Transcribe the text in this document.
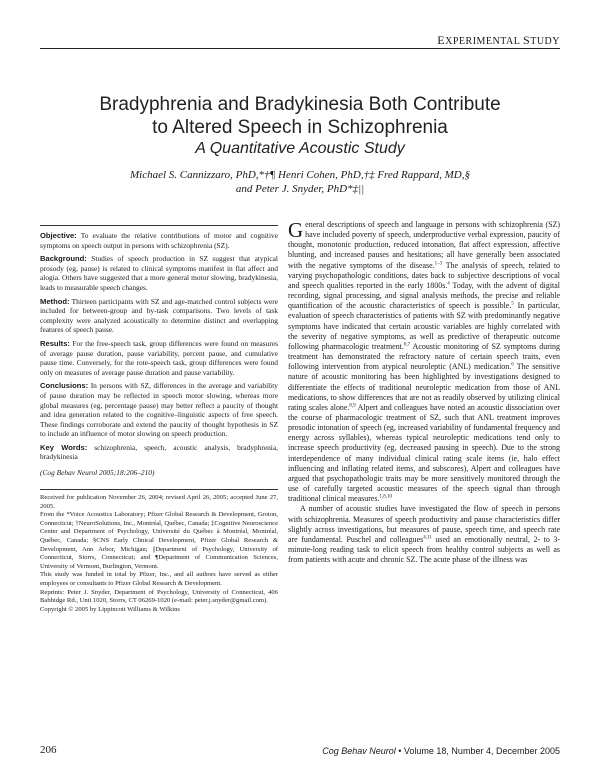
EXPERIMENTAL STUDY
Bradyphrenia and Bradykinesia Both Contribute
to Altered Speech in Schizophrenia
A Quantitative Acoustic Study
Michael S. Cannizzaro, PhD,*†¶ Henri Cohen, PhD,†‡ Fred Rappard, MD,§
and Peter J. Snyder, PhD*‡||

Objective: To evaluate the relative contributions of motor and cognitive symptoms on speech output in persons with schizophrenia (SZ).

Background: Studies of speech production in SZ suggest that atypical prosody (eg, pause) is related to clinical symptoms manifest in flat affect and alogia. Others have suggested that a more general motor slowing, bradykinesia, leads to measurable speech changes.

Method: Thirteen participants with SZ and age-matched control subjects were included for between-group and by-task comparisons. Two levels of task complexity were analyzed acoustically to determine distinct and overlapping features of speech pause.

Results: For the free-speech task, group differences were found on measures of average pause duration, pause variability, percent pause, and cumulative pause time. Conversely, for the rote-speech task, group differences were found only on measures of average pause duration and pause variability.

Conclusions: In persons with SZ, differences in the average and variability of pause duration may be reflected in speech motor slowing, whereas more global measures (eg, percentage pause) may better reflect a paucity of thought and idea generation related to the cognitive–linguistic aspects of free speech. These findings corroborate and extend the paucity of thought hypothesis in SZ to include an influence of motor slowing on speech production.

Key Words: schizophrenia, speech, acoustic analysis, bradyphrenia, bradykinesia

(Cog Behav Neurol 2005;18:206–210)

Received for publication November 26, 2004; revised April 26, 2005; accepted June 27, 2005.

From the *Voice Acoustics Laboratory; Pfizer Global Research & Development, Groton, Connecticut; †NeuroSolutions, Inc., Montréal, Québec, Canada; ‡Cognitive Neuroscience Center and Department of Psychology, Université du Québec à Montréal, Montréal, Québec, Canada; §CNS Early Clinical Development, Pfizer Global Research & Development, Ann Arbor, Michigan; ||Department of Psychology, University of Connecticut, Storrs, Connecticut; and ¶Department of Communication Sciences, University of Vermont, Burlington, Vermont.

This study was funded in total by Pfizer, Inc., and all authors have served as either employees or consultants to Pfizer Global Research & Development.

Reprints: Peter J. Snyder, Department of Psychology, University of Connecticut, 406 Babbidge Rd., Unit 1020, Storrs, CT 06269-1020 (e-mail: peter.j.snyder@gmail.com).

Copyright © 2005 by Lippincott Williams & Wilkins

General descriptions of speech and language in persons with schizophrenia (SZ) have included poverty of speech, underproductive verbal expression, paucity of thought, monotonic production, reduced intonation, flat affect expression, affective blunting, and increased pauses and hesitations; all have generally been associated with the negative symptoms of the disease.$^{1-3}$ The analysis of speech, related to varying psychopathologic conditions, dates back to subjective descriptions of vocal and speech qualities reported in the early 1800s.$^4$ Today, with the advent of digital recording, signal processing, and signal analysis methods, the precise and reliable quantification of the acoustic characteristics of speech is possible.$^5$ In particular, evaluation of speech characteristics of patients with SZ with predominantly negative symptoms have indicated that certain acoustic variables are highly correlated with the severity of negative symptoms, as well as predictive of therapeutic outcome following pharmacologic treatment.$^{6,7}$ Acoustic monitoring of SZ symptoms during treatment has demonstrated the refractory nature of certain speech traits, even following intervention from atypical neuroleptic (ANL) medication.$^6$ The sensitive nature of acoustic monitoring has been highlighted by investigations designed to differentiate the effects of traditional neuroleptic medication from those of ANL medications, to show differences that are not as readily observed by utilizing clinical rating scales alone.$^{8,9}$ Alpert and colleagues have noted an acoustic dissociation over the course of pharmacologic treatment of SZ, such that ANL treatment improves prosodic intonation of speech (eg, increased variability of fundamental frequency and energy across syllables), whereas typical neuroleptic medications tend only to increase speech productivity (eg, decreased pausing in speech). Due to the strong interdependence of many individual clinical rating scale items (ie, halo effect influencing and inflating related items, and subscores), Alpert and colleagues have argued that psychopathologic traits may be more sensitively monitored through the use of carefully targeted acoustic measures of the speech signal than through traditional clinical measures.$^{1,8,10}$

A number of acoustic studies have investigated the flow of speech in persons with schizophrenia. Measures of speech productivity and pause characteristics differ slightly across investigations, but measures of pause, speech time, and speech rate are fundamental. Puschel and colleagues$^{4,11}$ used an emotionally neutral, 2- to 3-minute-long reading task to elicit speech from healthy control subjects as well as from patients with acute and chronic SZ. The acute phase of the illness was

206	Cog Behav Neurol • Volume 18, Number 4, December 2005
